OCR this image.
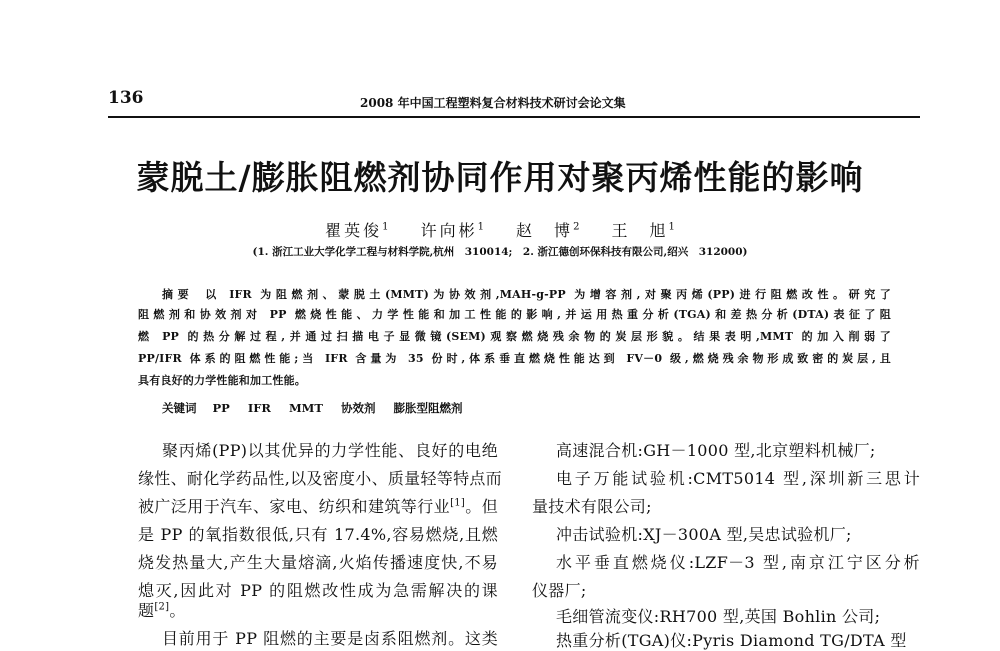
136	2008 年中国工程塑料复合材料技术研讨会论文集
蒙脱土/膨胀阻燃剂协同作用对聚丙烯性能的影响
瞿英俊$^1$ 许向彬$^1$ 赵　博$^2$ 王　旭$^1$
(1. 浙江工业大学化学工程与材料学院,杭州　310014;　2. 浙江德创环保科技有限公司,绍兴　312000)
摘要 以 IFR 为阻燃剂、蒙脱土(MMT)为协效剂,MAH-g-PP 为增容剂,对聚丙烯(PP)进行阻燃改性。研究了
阻燃剂和协效剂对 PP 燃烧性能、力学性能和加工性能的影响,并运用热重分析(TGA)和差热分析(DTA)表征了阻
燃 PP 的热分解过程,并通过扫描电子显微镜(SEM)观察燃烧残余物的炭层形貌。结果表明,MMT 的加入削弱了
PP/IFR 体系的阻燃性能;当 IFR 含量为 35 份时,体系垂直燃烧性能达到 FV－0 级,燃烧残余物形成致密的炭层,且
具有良好的力学性能和加工性能。
关键词 PP IFR MMT 协效剂 膨胀型阻燃剂
聚丙烯(PP)以其优异的力学性能、良好的电绝
缘性、耐化学药品性,以及密度小、质量轻等特点而
被广泛用于汽车、家电、纺织和建筑等行业[1]。但
是 PP 的氧指数很低,只有 17.4%,容易燃烧,且燃
烧发热量大,产生大量熔滴,火焰传播速度快,不易
熄灭,因此对 PP 的阻燃改性成为急需解决的课
题[2]。
目前用于 PP 阻燃的主要是卤系阻燃剂。这类
高速混合机:GH－1000 型,北京塑料机械厂;
电子万能试验机:CMT5014 型,深圳新三思计
量技术有限公司;
冲击试验机:XJ－300A 型,吴忠试验机厂;
水平垂直燃烧仪:LZF－3 型,南京江宁区分析
仪器厂;
毛细管流变仪:RH700 型,英国 Bohlin 公司;
热重分析(TGA)仪:Pyris Diamond TG/DTA 型
